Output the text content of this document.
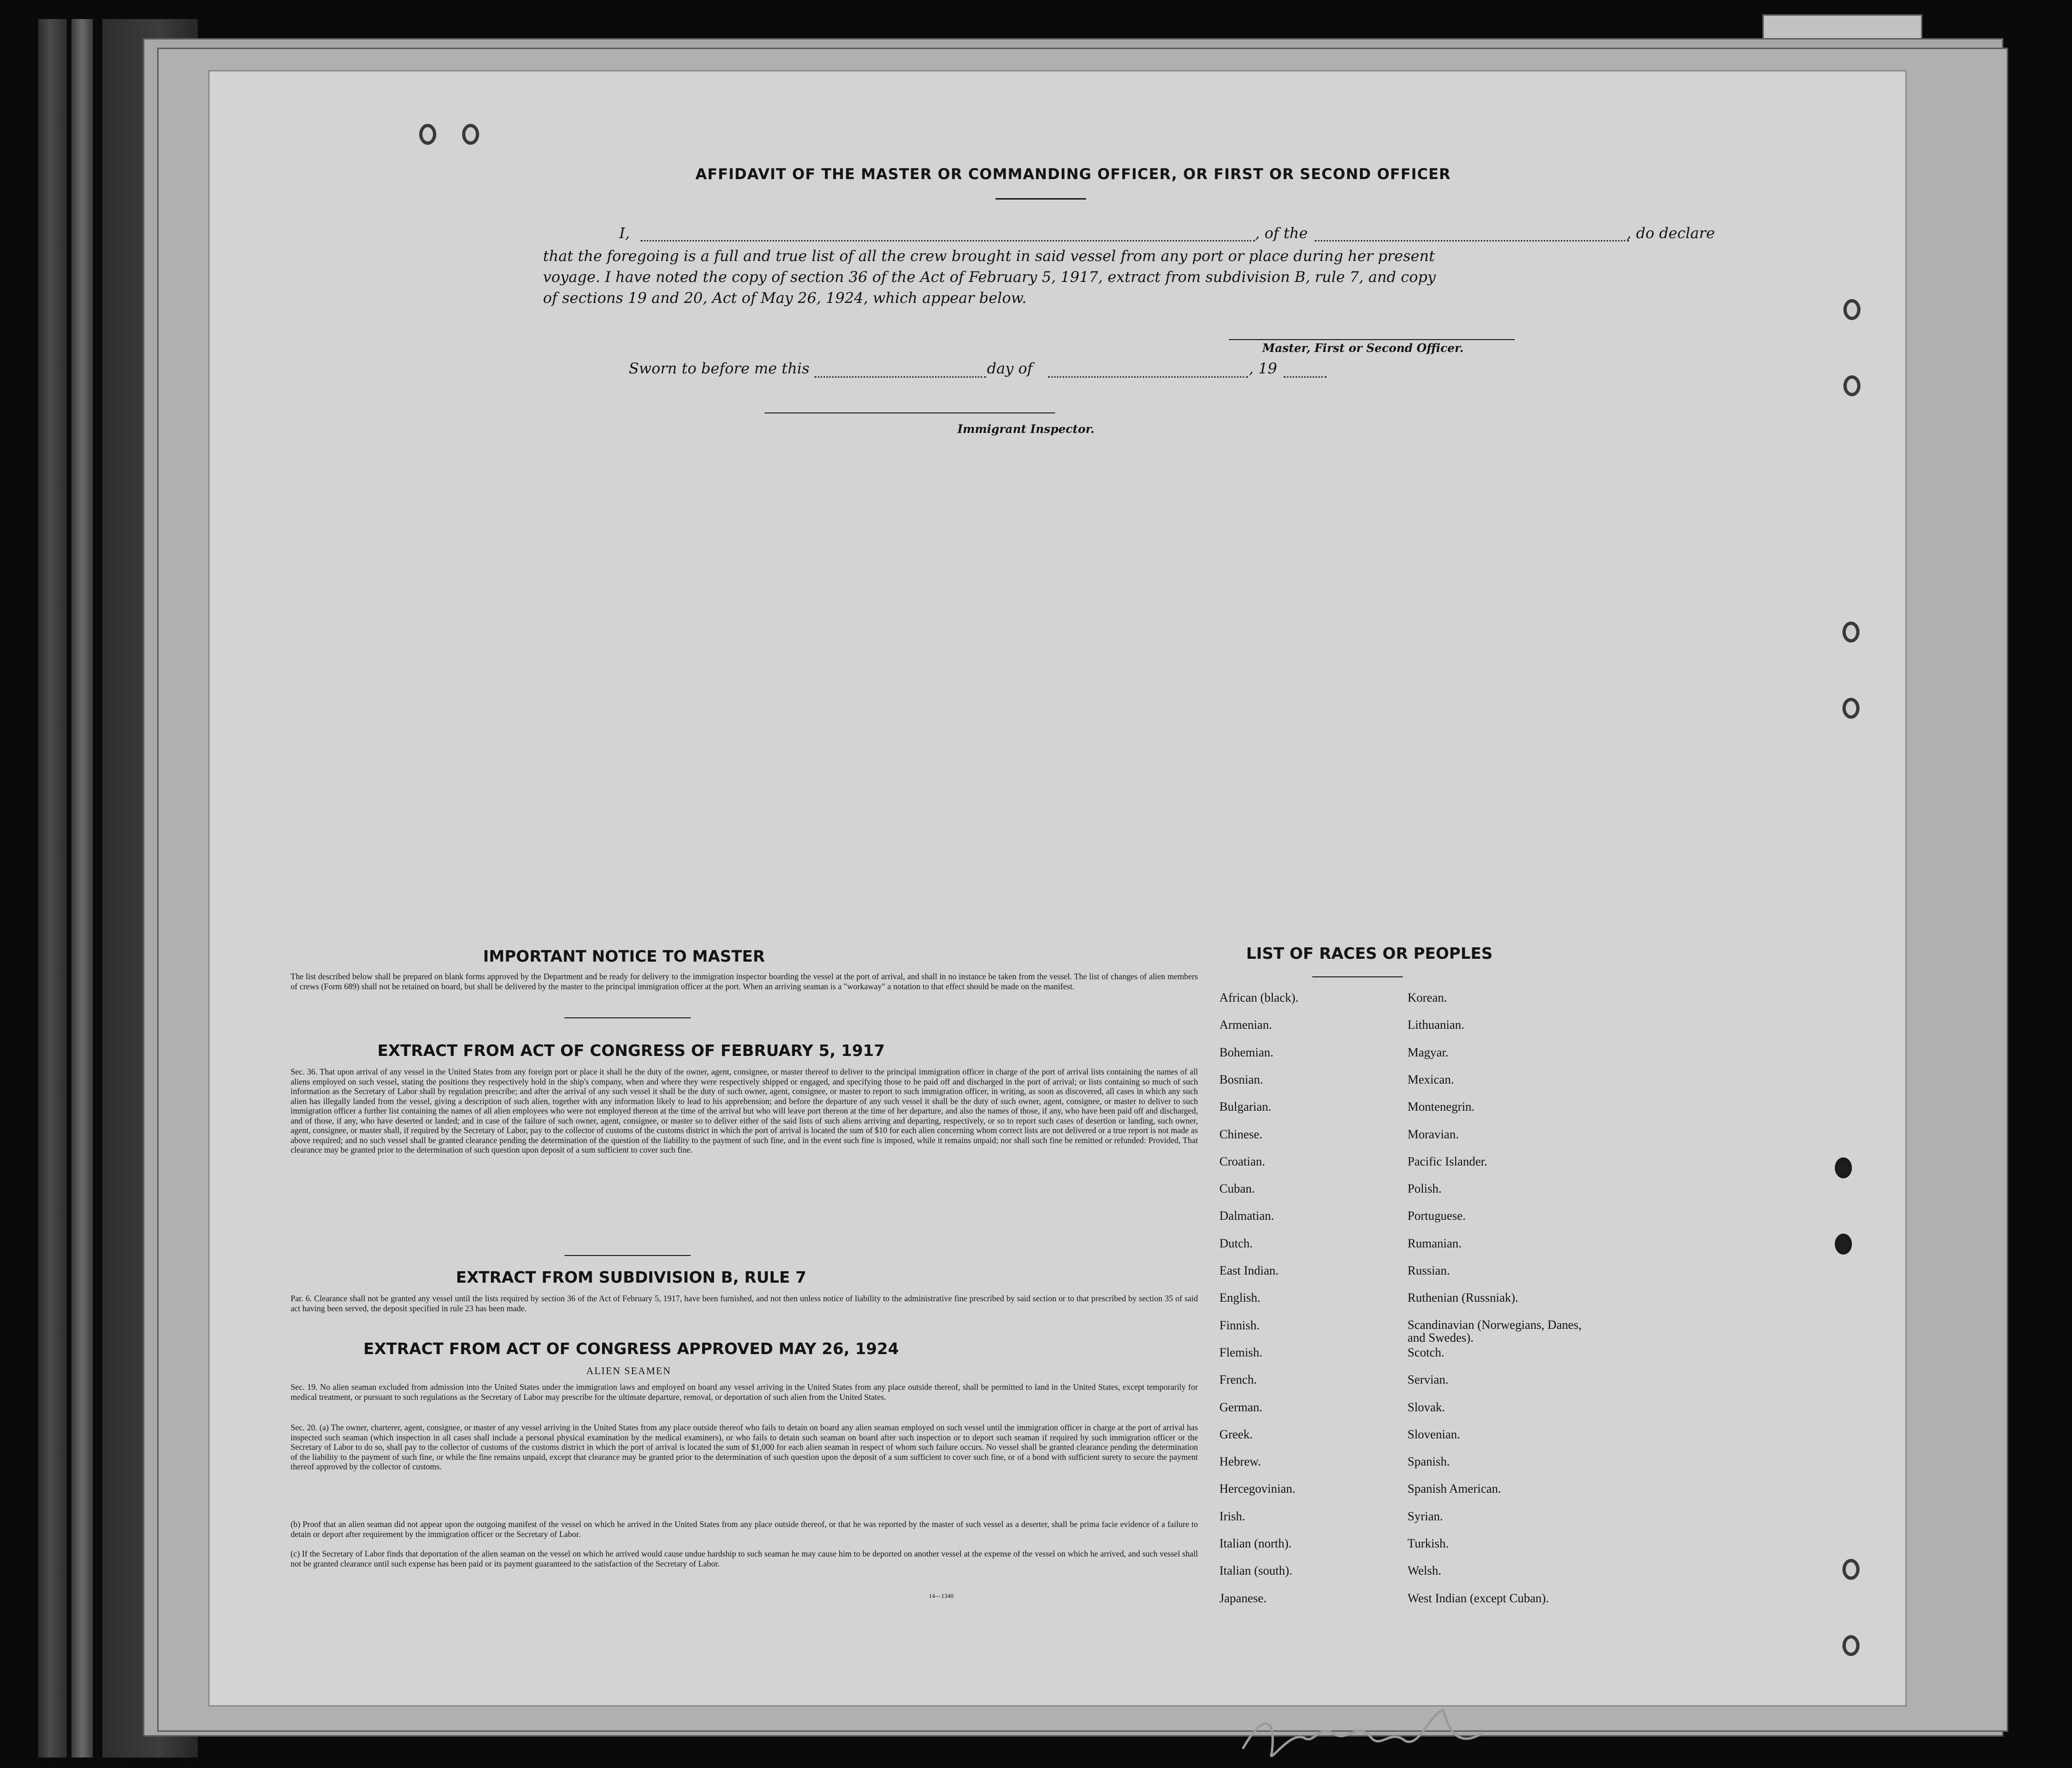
AFFIDAVIT OF THE MASTER OR COMMANDING OFFICER, OR FIRST OR SECOND OFFICER
I,	, of the	, do declare
that the foregoing is a full and true list of all the crew brought in said vessel from any port or place during her present
voyage. I have noted the copy of section 36 of the Act of February 5, 1917, extract from subdivision B, rule 7, and copy
of sections 19 and 20, Act of May 26, 1924, which appear below.
Master, First or Second Officer.
Sworn to before me this	day of	, 19
Immigrant Inspector.
IMPORTANT NOTICE TO MASTER
The list described below shall be prepared on blank forms approved by the Department and be ready for delivery to the immigration inspector boarding the vessel at the port of arrival, and shall in no instance be taken from the vessel. The list of changes of alien members of crews (Form 689) shall not be retained on board, but shall be delivered by the master to the principal immigration officer at the port. When an arriving seaman is a "workaway" a notation to that effect should be made on the manifest.
EXTRACT FROM ACT OF CONGRESS OF FEBRUARY 5, 1917
Sec. 36. That upon arrival of any vessel in the United States from any foreign port or place it shall be the duty of the owner, agent, consignee, or master thereof to deliver to the principal immigration officer in charge of the port of arrival lists containing the names of all aliens employed on such vessel, stating the positions they respectively hold in the ship's company, when and where they were respectively shipped or engaged, and specifying those to be paid off and discharged in the port of arrival; or lists containing so much of such information as the Secretary of Labor shall by regulation prescribe; and after the arrival of any such vessel it shall be the duty of such owner, agent, consignee, or master to report to such immigration officer, in writing, as soon as discovered, all cases in which any such alien has illegally landed from the vessel, giving a description of such alien, together with any information likely to lead to his apprehension; and before the departure of any such vessel it shall be the duty of such owner, agent, consignee, or master to deliver to such immigration officer a further list containing the names of all alien employees who were not employed thereon at the time of the arrival but who will leave port thereon at the time of her departure, and also the names of those, if any, who have been paid off and discharged, and of those, if any, who have deserted or landed; and in case of the failure of such owner, agent, consignee, or master so to deliver either of the said lists of such aliens arriving and departing, respectively, or so to report such cases of desertion or landing, such owner, agent, consignee, or master shall, if required by the Secretary of Labor, pay to the collector of customs of the customs district in which the port of arrival is located the sum of $10 for each alien concerning whom correct lists are not delivered or a true report is not made as above required; and no such vessel shall be granted clearance pending the determination of the question of the liability to the payment of such fine, and in the event such fine is imposed, while it remains unpaid; nor shall such fine be remitted or refunded: Provided, That clearance may be granted prior to the determination of such question upon deposit of a sum sufficient to cover such fine.
EXTRACT FROM SUBDIVISION B, RULE 7
Par. 6. Clearance shall not be granted any vessel until the lists required by section 36 of the Act of February 5, 1917, have been furnished, and not then unless notice of liability to the administrative fine prescribed by said section or to that prescribed by section 35 of said act having been served, the deposit specified in rule 23 has been made.
EXTRACT FROM ACT OF CONGRESS APPROVED MAY 26, 1924
ALIEN SEAMEN
Sec. 19. No alien seaman excluded from admission into the United States under the immigration laws and employed on board any vessel arriving in the United States from any place outside thereof, shall be permitted to land in the United States, except temporarily for medical treatment, or pursuant to such regulations as the Secretary of Labor may prescribe for the ultimate departure, removal, or deportation of such alien from the United States.
Sec. 20. (a) The owner, charterer, agent, consignee, or master of any vessel arriving in the United States from any place outside thereof who fails to detain on board any alien seaman employed on such vessel until the immigration officer in charge at the port of arrival has inspected such seaman (which inspection in all cases shall include a personal physical examination by the medical examiners), or who fails to detain such seaman on board after such inspection or to deport such seaman if required by such immigration officer or the Secretary of Labor to do so, shall pay to the collector of customs of the customs district in which the port of arrival is located the sum of $1,000 for each alien seaman in respect of whom such failure occurs. No vessel shall be granted clearance pending the determination of the liability to the payment of such fine, or while the fine remains unpaid, except that clearance may be granted prior to the determination of such question upon the deposit of a sum sufficient to cover such fine, or of a bond with sufficient surety to secure the payment thereof approved by the collector of customs.
(b) Proof that an alien seaman did not appear upon the outgoing manifest of the vessel on which he arrived in the United States from any place outside thereof, or that he was reported by the master of such vessel as a deserter, shall be prima facie evidence of a failure to detain or deport after requirement by the immigration officer or the Secretary of Labor.
(c) If the Secretary of Labor finds that deportation of the alien seaman on the vessel on which he arrived would cause undue hardship to such seaman he may cause him to be deported on another vessel at the expense of the vessel on which he arrived, and such vessel shall not be granted clearance until such expense has been paid or its payment guaranteed to the satisfaction of the Secretary of Labor.
14—1340
LIST OF RACES OR PEOPLES
African (black).
Armenian.
Bohemian.
Bosnian.
Bulgarian.
Chinese.
Croatian.
Cuban.
Dalmatian.
Dutch.
East Indian.
English.
Finnish.
Flemish.
French.
German.
Greek.
Hebrew.
Hercegovinian.
Irish.
Italian (north).
Italian (south).
Japanese.
Korean.
Lithuanian.
Magyar.
Mexican.
Montenegrin.
Moravian.
Pacific Islander.
Polish.
Portuguese.
Rumanian.
Russian.
Ruthenian (Russniak).
Scandinavian (Norwegians, Danes, and Swedes).
Scotch.
Servian.
Slovak.
Slovenian.
Spanish.
Spanish American.
Syrian.
Turkish.
Welsh.
West Indian (except Cuban).
